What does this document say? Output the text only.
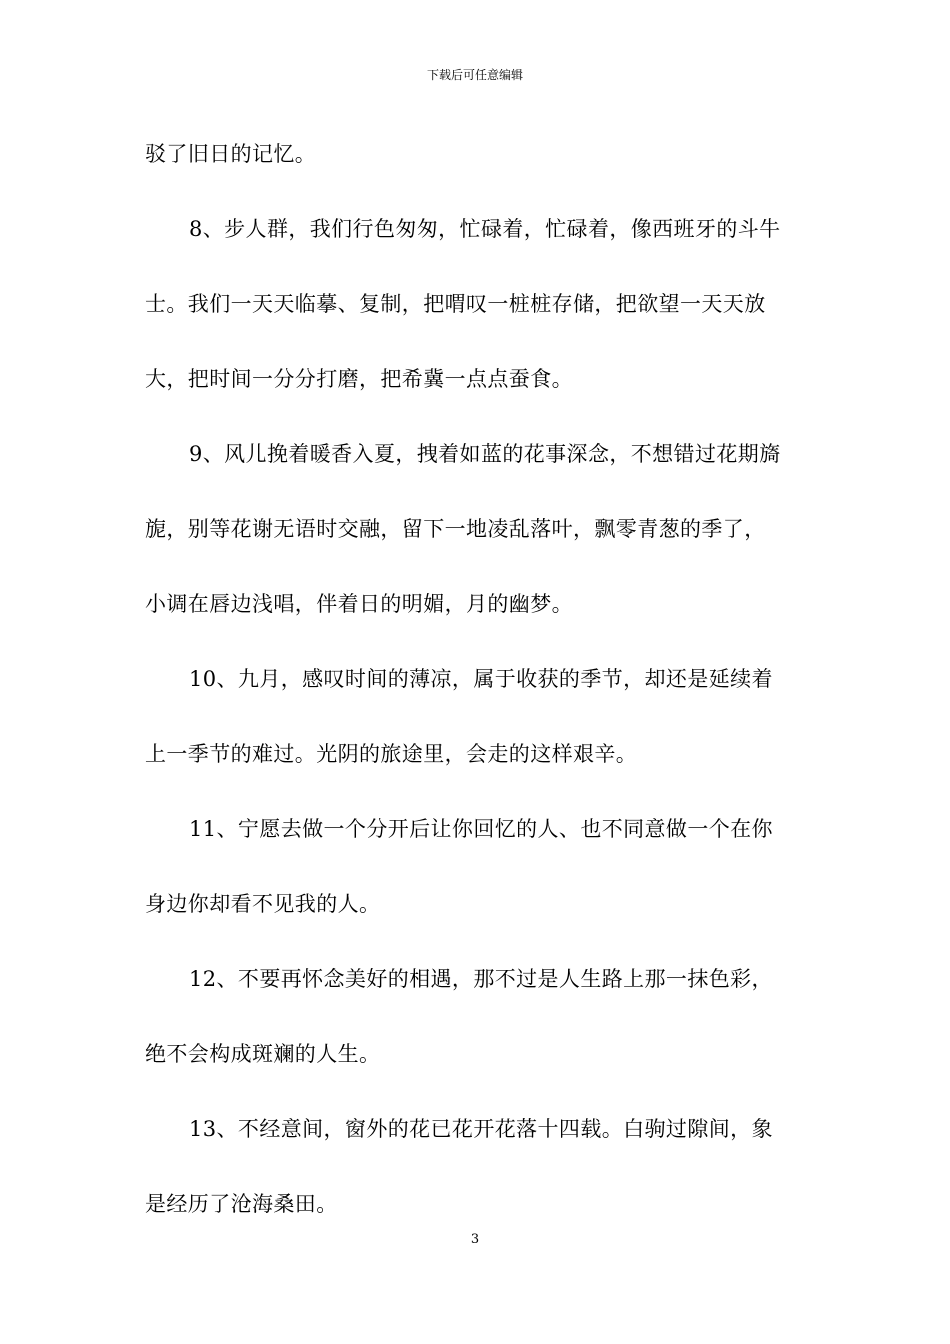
下载后可任意编辑
驳了旧日的记忆。
8、步人群，我们行色匆匆，忙碌着，忙碌着，像西班牙的斗牛
士。我们一天天临摹、复制，把喟叹一桩桩存储，把欲望一天天放
大，把时间一分分打磨，把希冀一点点蚕食。
9、风儿挽着暖香入夏，拽着如蓝的花事深念，不想错过花期旖
旎，别等花谢无语时交融，留下一地凌乱落叶，飘零青葱的季了，
小调在唇边浅唱，伴着日的明媚，月的幽梦。
10、九月，感叹时间的薄凉，属于收获的季节，却还是延续着
上一季节的难过。光阴的旅途里，会走的这样艰辛。
11、宁愿去做一个分开后让你回忆的人、也不同意做一个在你
身边你却看不见我的人。
12、不要再怀念美好的相遇，那不过是人生路上那一抹色彩，
绝不会构成斑斓的人生。
13、不经意间，窗外的花已花开花落十四载。白驹过隙间，象
是经历了沧海桑田。
3
